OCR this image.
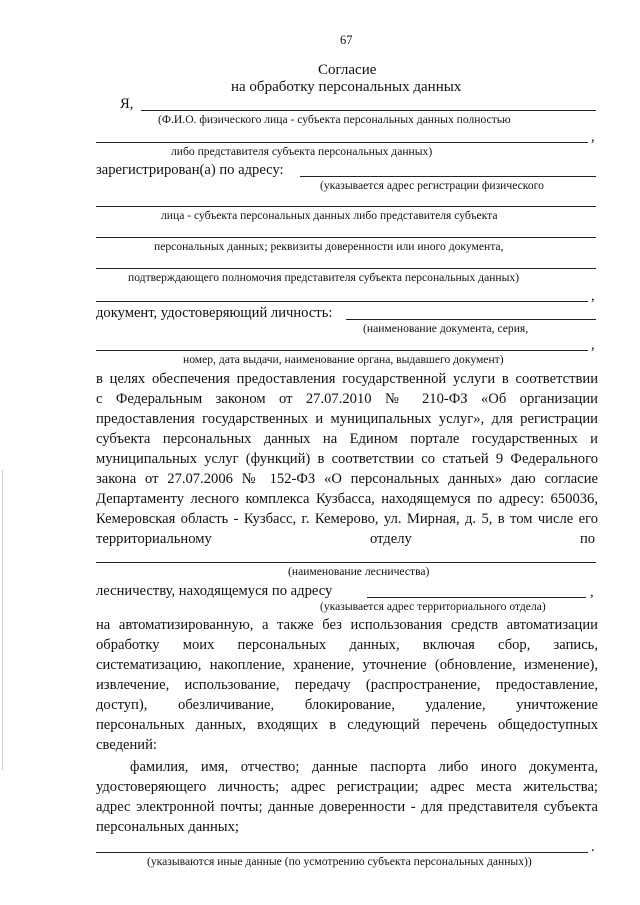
67
Согласие
на обработку персональных данных
Я,
(Ф.И.О. физического лица - субъекта персональных данных полностью
,
либо представителя субъекта персональных данных)
зарегистрирован(а) по адресу:
(указывается адрес регистрации физического
лица - субъекта персональных данных либо представителя субъекта
персональных данных; реквизиты доверенности или иного документа,
подтверждающего полномочия представителя субъекта персональных данных)
,
документ, удостоверяющий личность:
(наименование документа, серия,
,
номер, дата выдачи, наименование органа, выдавшего документ)
в целях обеспечения предоставления государственной услуги в соответствии
с Федеральным законом от 27.07.2010 № 210-ФЗ «Об организации
предоставления государственных и муниципальных услуг», для регистрации
субъекта персональных данных на Едином портале государственных и
муниципальных услуг (функций) в соответствии со статьей 9 Федерального
закона от 27.07.2006 № 152-ФЗ «О персональных данных» даю согласие
Департаменту лесного комплекса Кузбасса, находящемуся по адресу: 650036,
Кемеровская область - Кузбасс, г. Кемерово, ул. Мирная, д. 5, в том числе его
территориальному	отделу	по
(наименование лесничества)
лесничеству, находящемуся по адресу	,
(указывается адрес территориального отдела)
на автоматизированную, а также без использования средств автоматизации
обработку моих персональных данных, включая сбор, запись,
систематизацию, накопление, хранение, уточнение (обновление, изменение),
извлечение, использование, передачу (распространение, предоставление,
доступ), обезличивание, блокирование, удаление, уничтожение
персональных данных, входящих в следующий перечень общедоступных
сведений:
фамилия, имя, отчество; данные паспорта либо иного документа,
удостоверяющего личность; адрес регистрации; адрес места жительства;
адрес электронной почты; данные доверенности - для представителя субъекта
персональных данных;
.
(указываются иные данные (по усмотрению субъекта персональных данных))
